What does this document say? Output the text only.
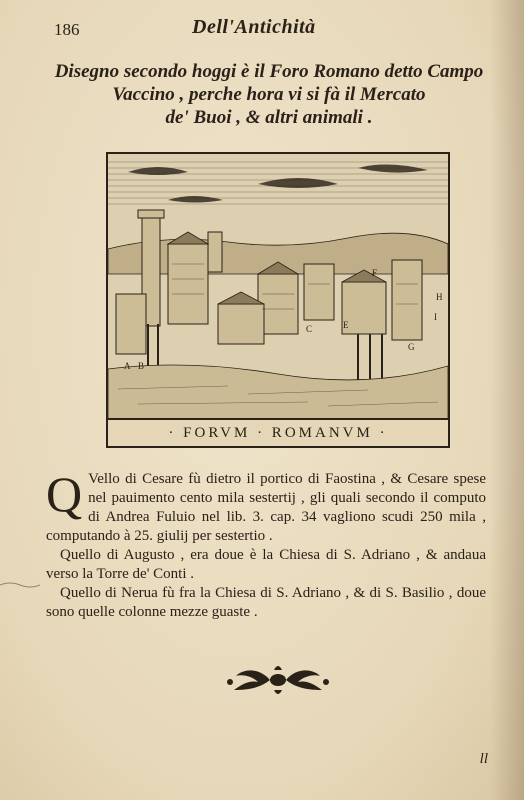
186	Dell'Antichità
Disegno secondo hoggi è il Foro Romano detto Campo
Vaccino , perche hora vi si fà il Mercato
de' Buoi , & altri animali .
A B
C	E
F
G
H
I
· FORVM · ROMANVM ·

Q Vello di Cesare fù dietro il portico di Faostina , & Cesare spese nel pauimento cento mila sestertij , gli quali secondo il computo di Andrea Fuluio nel lib. 3. cap. 34 vagliono scudi 250 mila , computando à 25. giulij per sestertio .

Quello di Augusto , era doue è la Chiesa di S. Adriano , & andaua verso la Torre de' Conti .

Quello di Nerua fù fra la Chiesa di S. Adriano , & di S. Basilio , doue sono quelle colonne mezze guaste .

ll
